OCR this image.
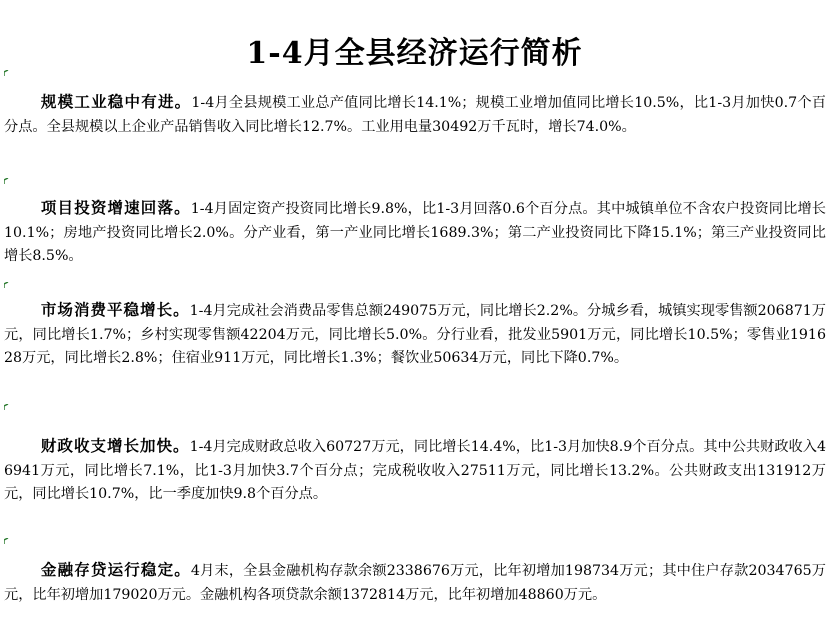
1-4月全县经济运行简析

规模工业稳中有进。1-4月全县规模工业总产值同比增长14.1%；规模工业增加值同比增长10.5%，比1-3月加快0.7个百分点。全县规模以上企业产品销售收入同比增长12.7%。工业用电量30492万千瓦时，增长74.0%。

项目投资增速回落。1-4月固定资产投资同比增长9.8%，比1-3月回落0.6个百分点。其中城镇单位不含农户投资同比增长10.1%；房地产投资同比增长2.0%。分产业看，第一产业同比增长1689.3%；第二产业投资同比下降15.1%；第三产业投资同比增长8.5%。

市场消费平稳增长。1-4月完成社会消费品零售总额249075万元，同比增长2.2%。分城乡看，城镇实现零售额206871万元，同比增长1.7%；乡村实现零售额42204万元，同比增长5.0%。分行业看，批发业5901万元，同比增长10.5%；零售业191628万元，同比增长2.8%；住宿业911万元，同比增长1.3%；餐饮业50634万元，同比下降0.7%。

财政收支增长加快。1-4月完成财政总收入60727万元，同比增长14.4%，比1-3月加快8.9个百分点。其中公共财政收入46941万元，同比增长7.1%，比1-3月加快3.7个百分点；完成税收收入27511万元，同比增长13.2%。公共财政支出131912万元，同比增长10.7%，比一季度加快9.8个百分点。

金融存贷运行稳定。4月末，全县金融机构存款余额2338676万元，比年初增加198734万元；其中住户存款2034765万元，比年初增加179020万元。金融机构各项贷款余额1372814万元，比年初增加48860万元。
